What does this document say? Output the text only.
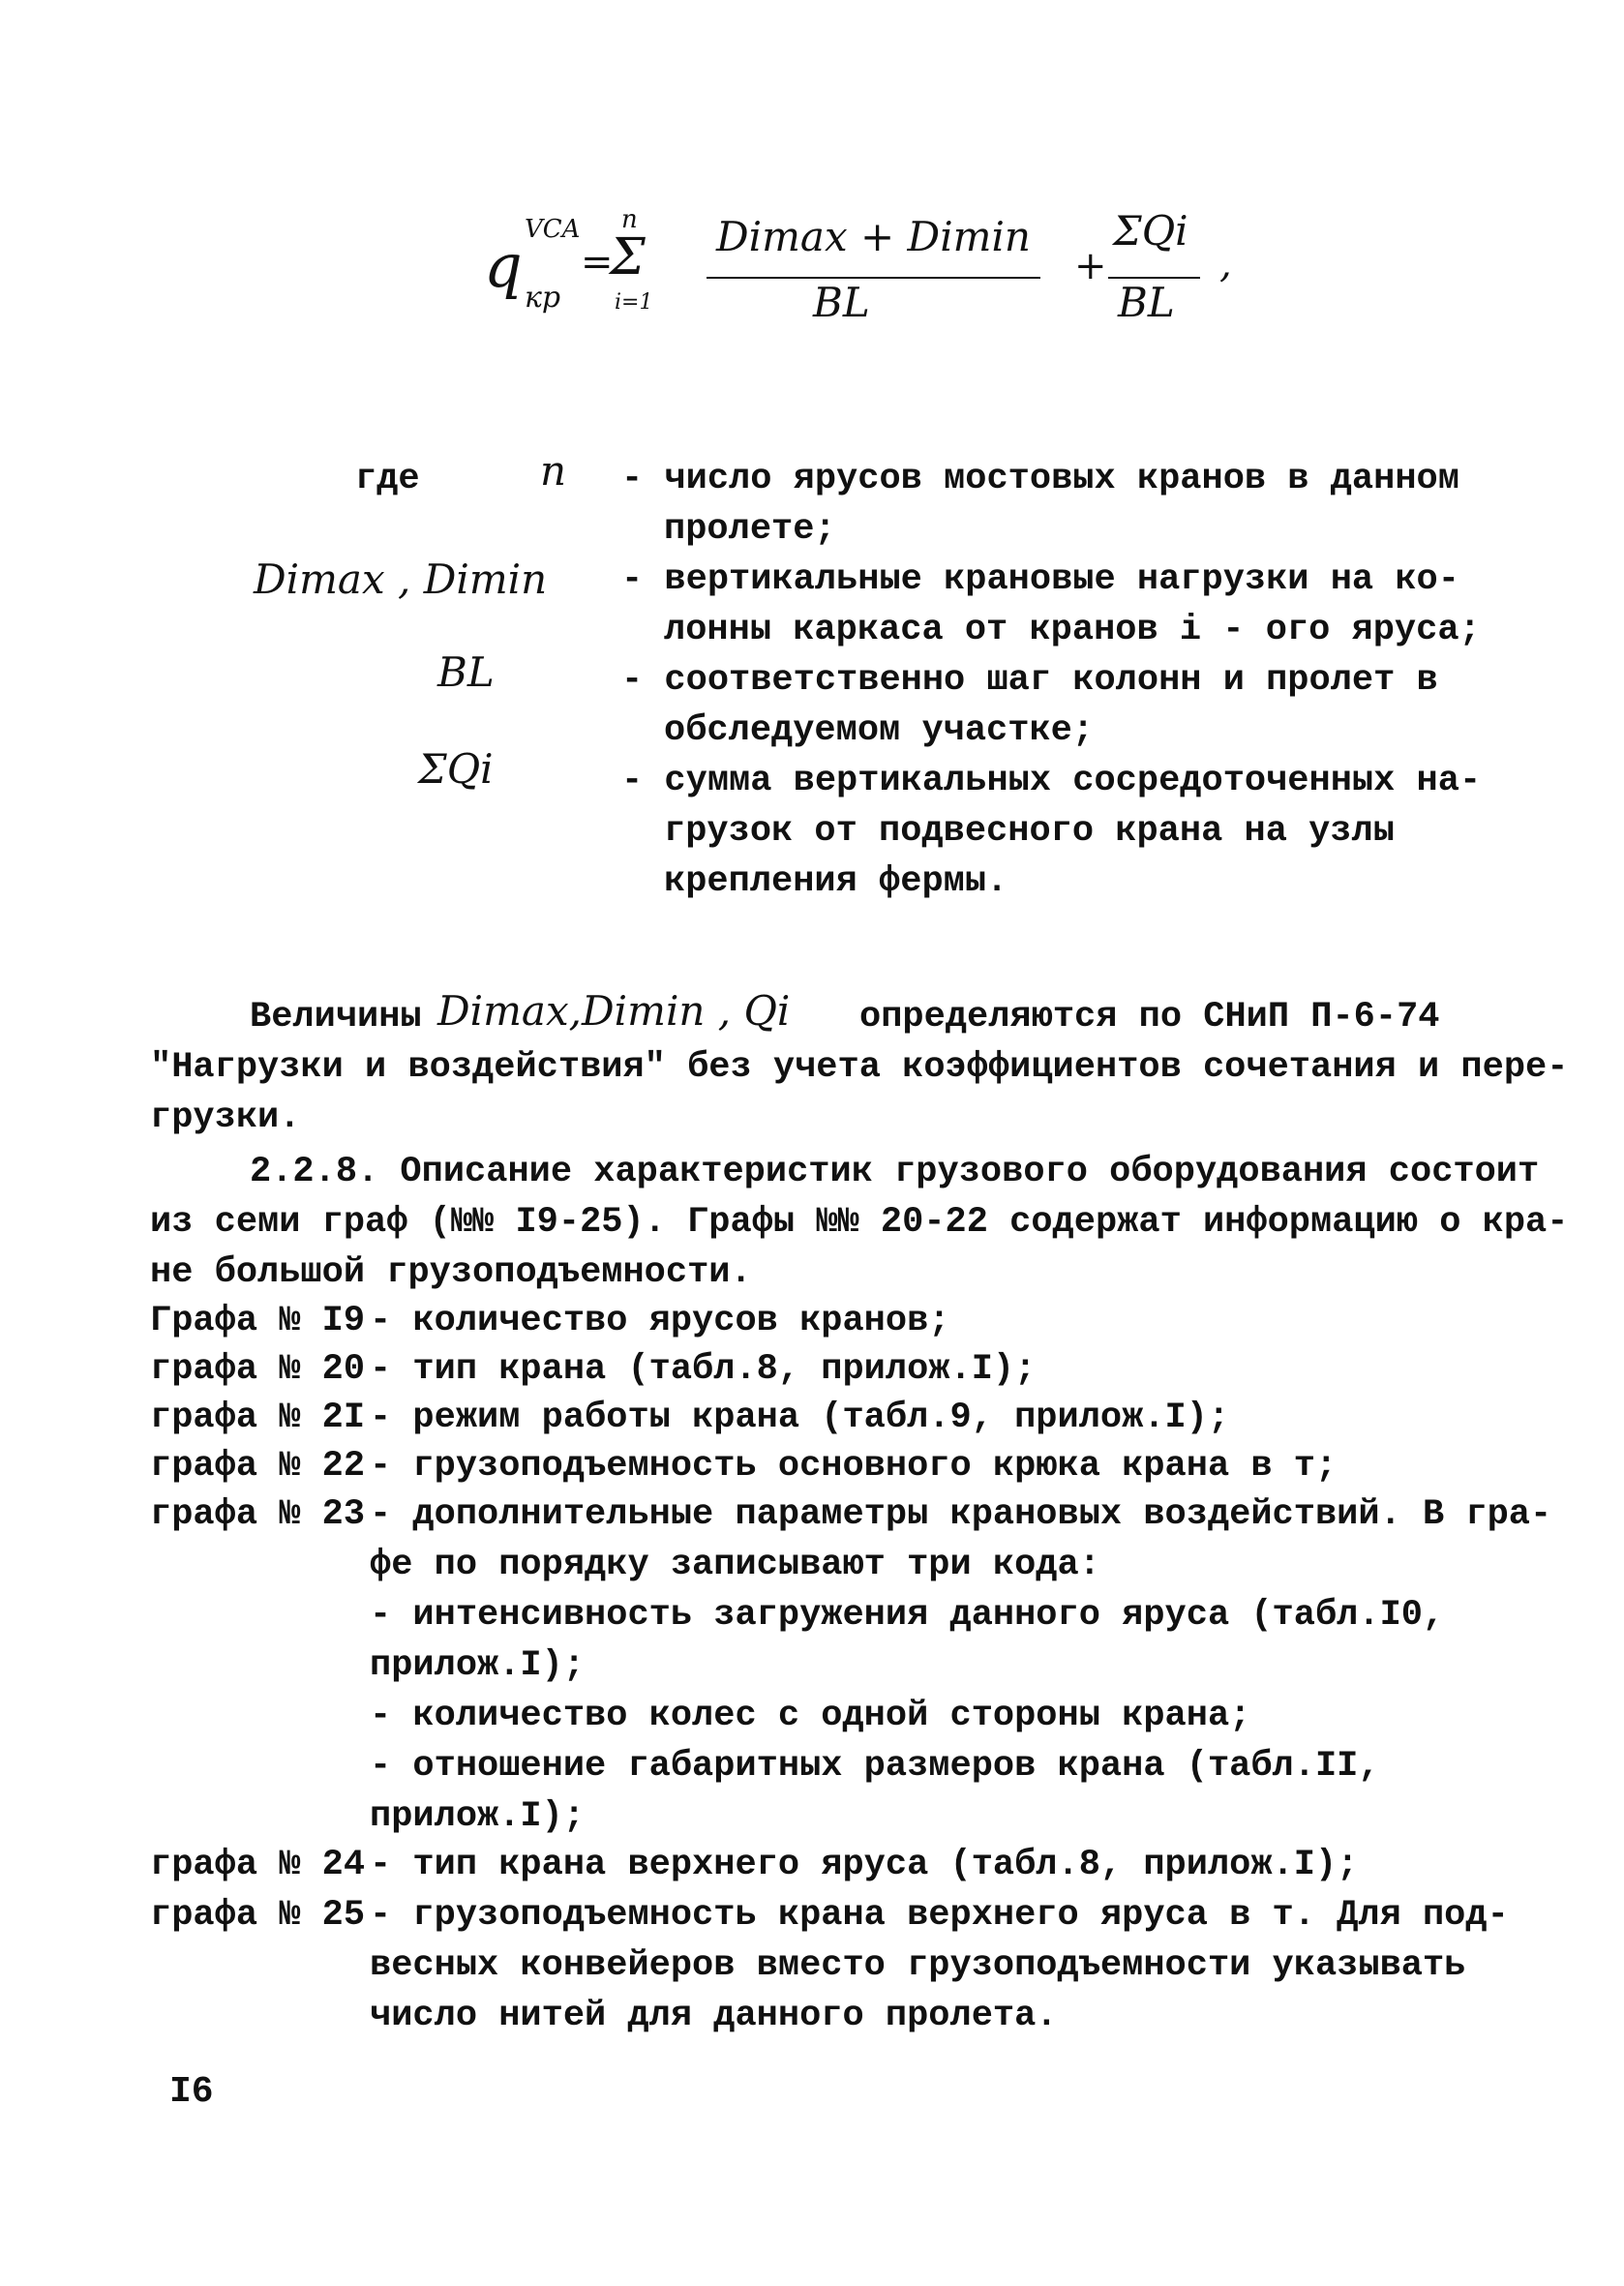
q
VCA
кр
=
Σ
n
i=1
Dimax + Dimin
BL
+
ΣQi
BL
,
где	n - число ярусов мостовых кранов в данном
пролете;
Dimax , Dimin - вертикальные крановые нагрузки на ко-
лонны каркаса от кранов i - ого яруса;
BL	- соответственно шаг колонн и пролет в
обследуемом участке;
ΣQi	- сумма вертикальных сосредоточенных на-
грузок от подвесного крана на узлы
крепления фермы.
Величины Dimax,Dimin , Qi определяются по СНиП П-6-74
"Нагрузки и воздействия" без учета коэффициентов сочетания и пере-
грузки.
2.2.8. Описание характеристик грузового оборудования состоит
из семи граф (№№ I9-25). Графы №№ 20-22 содержат информацию о кра-
не большой грузоподъемности.
Графа № I9 - количество ярусов кранов;
графа № 20 - тип крана (табл.8, прилож.I);
графа № 2I - режим работы крана (табл.9, прилож.I);
графа № 22 - грузоподъемность основного крюка крана в т;
графа № 23 - дополнительные параметры крановых воздействий. В гра-
фе по порядку записывают три кода:
- интенсивность загружения данного яруса (табл.I0,
прилож.I);
- количество колес с одной стороны крана;
- отношение габаритных размеров крана (табл.II,
прилож.I);
графа № 24 - тип крана верхнего яруса (табл.8, прилож.I);
графа № 25 - грузоподъемность крана верхнего яруса в т. Для под-
весных конвейеров вместо грузоподъемности указывать
число нитей для данного пролета.
I6
